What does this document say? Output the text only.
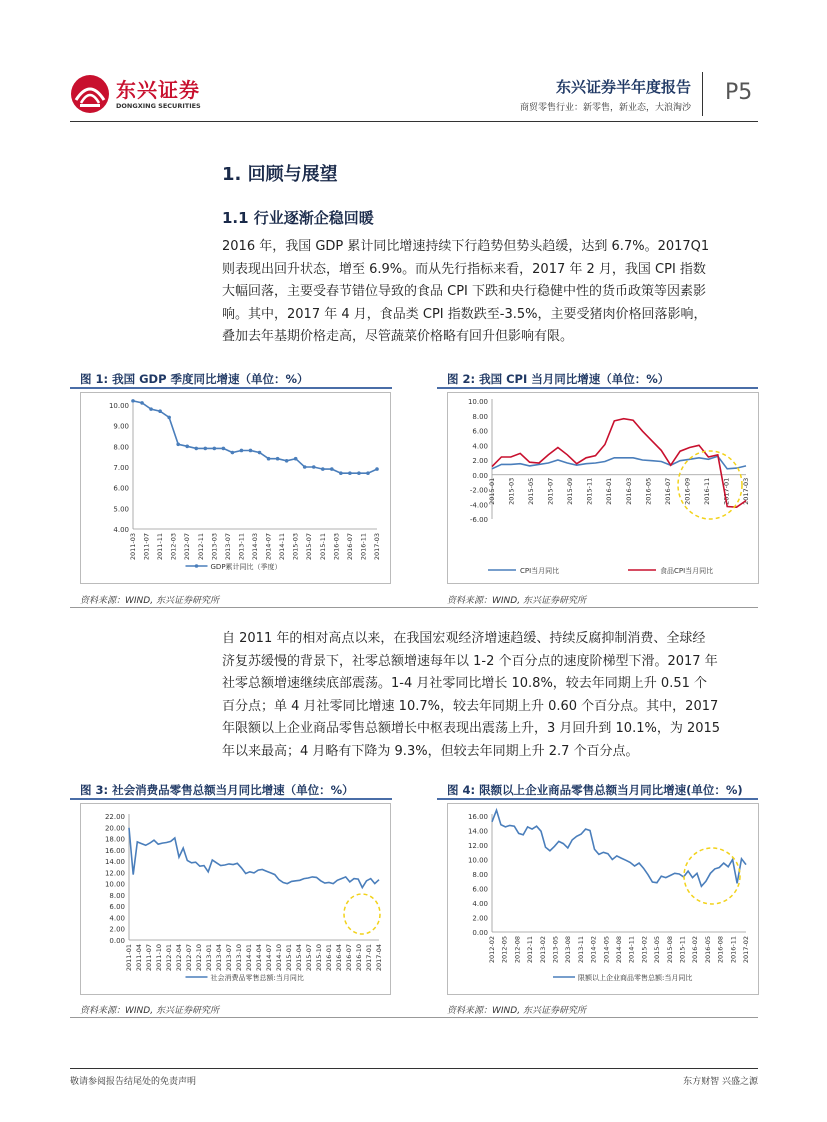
东兴证券
DONGXING SECURITIES
东兴证券半年度报告
商贸零售行业：新零售，新业态，大浪淘沙
P5
1. 回顾与展望
1.1 行业逐渐企稳回暖
2016 年，我国 GDP 累计同比增速持续下行趋势但势头趋缓，达到 6.7%。2017Q1
则表现出回升状态，增至 6.9%。而从先行指标来看，2017 年 2 月，我国 CPI 指数
大幅回落，主要受春节错位导致的食品 CPI 下跌和央行稳健中性的货币政策等因素影
响。其中，2017 年 4 月，食品类 CPI 指数跌至-3.5%，主要受猪肉价格回落影响，
叠加去年基期价格走高，尽管蔬菜价格略有回升但影响有限。
图 1: 我国 GDP 季度同比增速（单位：%）
4.00
5.00
6.00
7.00
8.00
9.00
10.00
2011-03 2011-07 2011-11 2012-03 2012-07 2012-11 2013-03 2013-07 2013-11 2014-03 2014-07 2014-11 2015-03 2015-07 2015-11 2016-03 2016-07 2016-11 2017-03
GDP累计同比（季度）
图 2: 我国 CPI 当月同比增速（单位：%）
-6.00
-4.00
-2.00
0.00
2.00
4.00
6.00
8.00
10.00
2015-01 2015-03 2015-05 2015-07 2015-09 2015-11 2016-01 2016-03 2016-05 2016-07 2016-09 2016-11 2017-01 2017-03
CPI当月同比	食品CPI当月同比
资料来源：WIND, 东兴证券研究所	资料来源：WIND, 东兴证券研究所
自 2011 年的相对高点以来，在我国宏观经济增速趋缓、持续反腐抑制消费、全球经
济复苏缓慢的背景下，社零总额增速每年以 1-2 个百分点的速度阶梯型下滑。2017 年
社零总额增速继续底部震荡。1-4 月社零同比增长 10.8%，较去年同期上升 0.51 个
百分点；单 4 月社零同比增速 10.7%，较去年同期上升 0.60 个百分点。其中，2017
年限额以上企业商品零售总额增长中枢表现出震荡上升，3 月回升到 10.1%，为 2015
年以来最高；4 月略有下降为 9.3%，但较去年同期上升 2.7 个百分点。
图 3: 社会消费品零售总额当月同比增速（单位：%）
0.00
2.00
4.00
6.00
8.00
10.00
12.00
14.00
16.00
18.00
20.00
22.00
2011-01 2011-04 2011-07 2011-10 2012-01 2012-04 2012-07 2012-10 2013-01 2013-04 2013-07 2013-10 2014-01 2014-04 2014-07 2014-10 2015-01 2015-04 2015-07 2015-10 2016-01 2016-04 2016-07 2016-10 2017-01 2017-04
社会消费品零售总额:当月同比
图 4: 限额以上企业商品零售总额当月同比增速(单位：%)
0.00
2.00
4.00
6.00
8.00
10.00
12.00
14.00
16.00
2012-02 2012-05 2012-08 2012-11 2013-02 2013-05 2013-08 2013-11 2014-02 2014-05 2014-08 2014-11 2015-02 2015-05 2015-08 2015-11 2016-02 2016-05 2016-08 2016-11 2017-02
限额以上企业商品零售总额:当月同比
资料来源：WIND, 东兴证券研究所	资料来源：WIND, 东兴证券研究所
敬请参阅报告结尾处的免责声明	东方财智 兴盛之源
